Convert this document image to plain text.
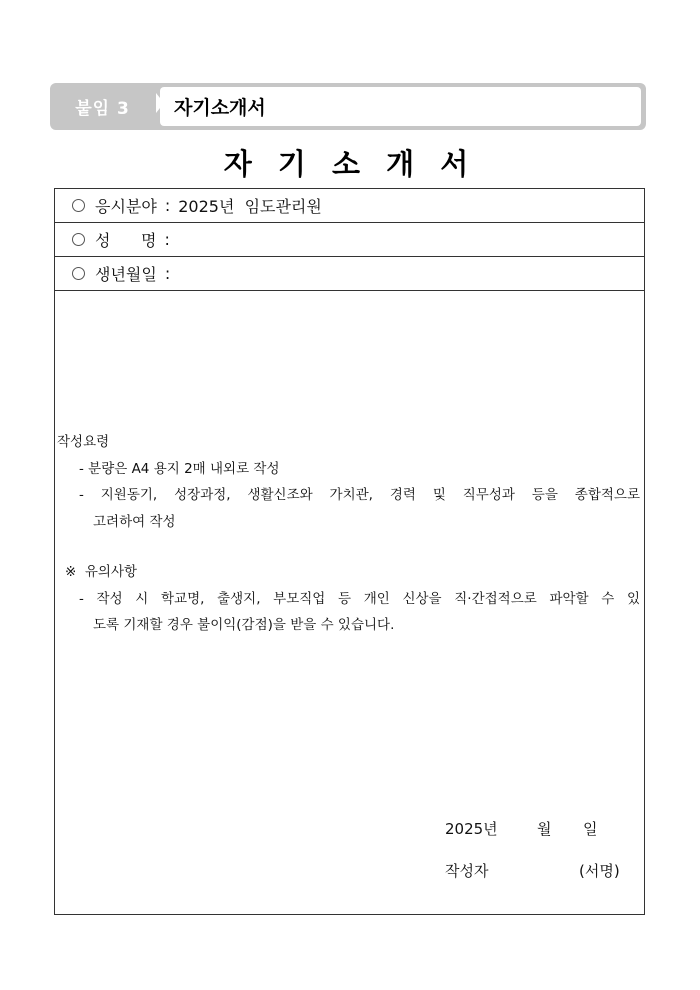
붙임 3	자기소개서
자 기 소 개 서
응시분야 : 2025년  임도관리원
성      명 :
생년월일 :
작성요령
- 분량은 A4 용지 2매 내외로 작성
- 지원동기, 성장과정, 생활신조와 가치관, 경력 및 직무성과 등을 종합적으로
고려하여 작성
※  유의사항
- 작성 시 학교명, 출생지, 부모직업 등 개인 신상을 직·간접적으로 파악할 수 있
도록 기재할 경우 불이익(감점)을 받을 수 있습니다.
2025년	월	일
작성자	(서명)
